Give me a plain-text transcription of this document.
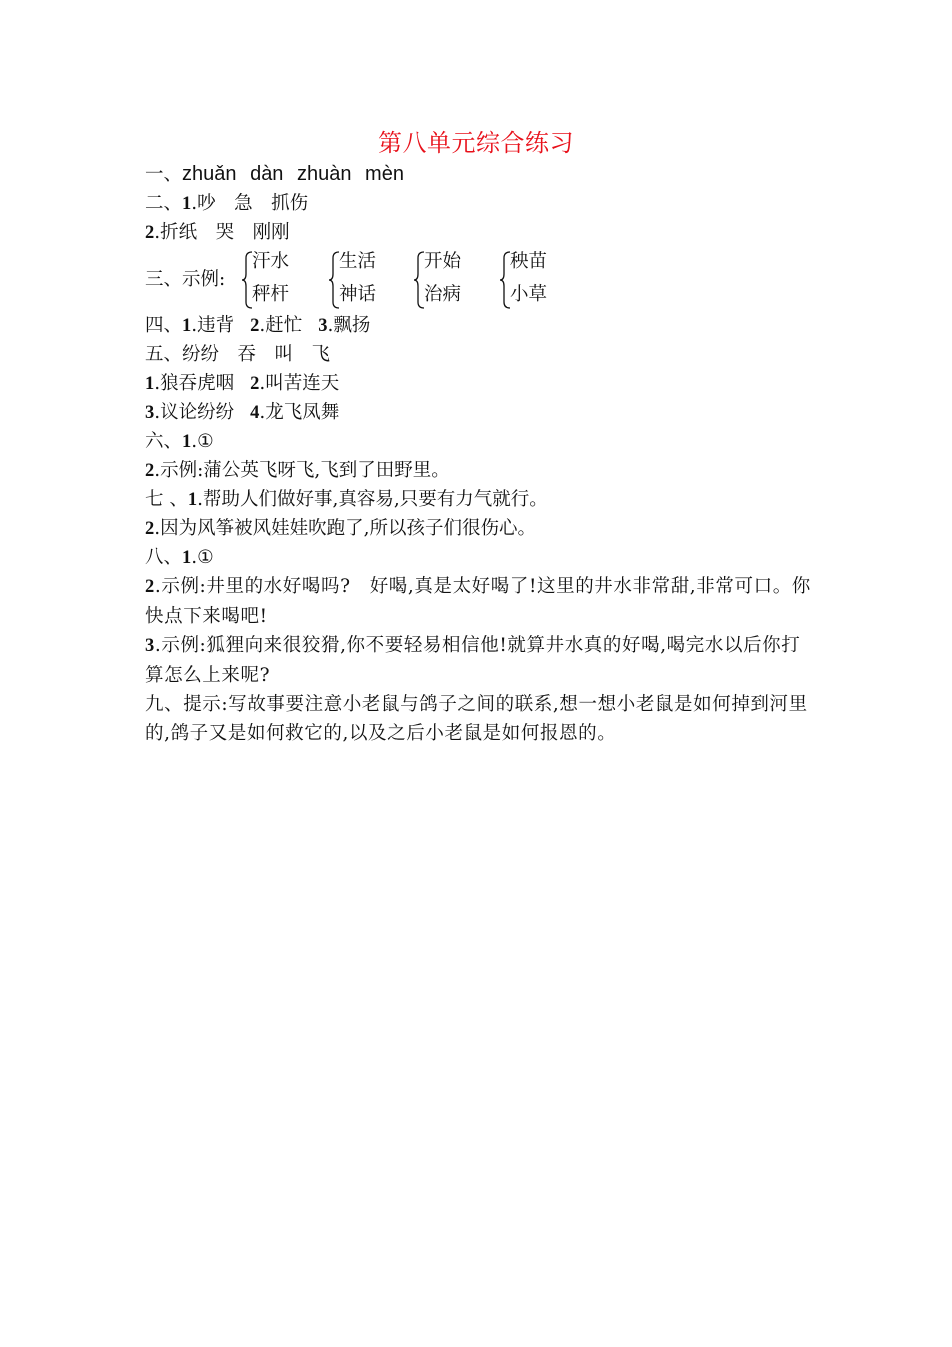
第八单元综合练习
一、zhuǎn dàn zhuàn mèn
二、1.吵　急　抓伤
2.折纸　哭　刚刚
三、示例:
汗水
秤杆
生活
神话
开始
治病
秧苗
小草
四、1.违背 2.赶忙 3.飘扬
五、纷纷　吞　叫　飞
1.狼吞虎咽 2.叫苦连天
3.议论纷纷 4.龙飞凤舞
六、1.①
2.示例:蒲公英飞呀飞,飞到了田野里。
七 、1.帮助人们做好事,真容易,只要有力气就行。
2.因为风筝被风娃娃吹跑了,所以孩子们很伤心。
八、1.①
2.示例:井里的水好喝吗?　好喝,真是太好喝了!这里的井水非常甜,非常可口。你快点下来喝吧!
3.示例:狐狸向来很狡猾,你不要轻易相信他!就算井水真的好喝,喝完水以后你打算怎么上来呢?
九、提示:写故事要注意小老鼠与鸽子之间的联系,想一想小老鼠是如何掉到河里的,鸽子又是如何救它的,以及之后小老鼠是如何报恩的。
